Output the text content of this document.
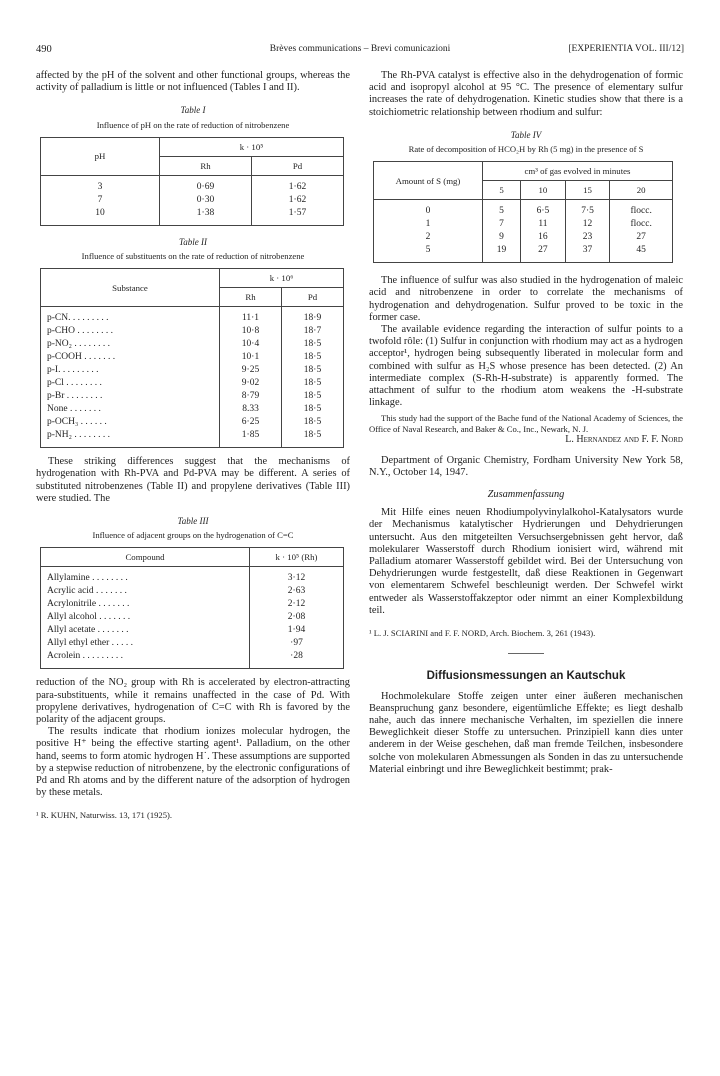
490	Brèves communications – Brevi comunicazioni	[EXPERIENTIA VOL. III/12]

affected by the pH of the solvent and other functional groups, whereas the activity of palladium is little or not influenced (Tables I and II).

Table I
Influence of pH on the rate of reduction of nitrobenzene
pH	k · 10⁵	
	Rh	Pd
3	0·69	1·62
7	0·30	1·62
10	1·38	1·57
Table II
Influence of substituents on the rate of reduction of nitrobenzene
Substance	k · 10⁶	
	Rh	Pd
p-CN. . . . . . . . .	11·1	18·9
p-CHO . . . . . . . .	10·8	18·7
p-NO₂ . . . . . . . .	10·4	18·5
p-COOH . . . . . . .	10·1	18·5
p-I. . . . . . . . .	9·25	18·5
p-Cl . . . . . . . .	9·02	18·5
p-Br . . . . . . . .	8·79	18·5
None . . . . . . .	8.33	18·5
p-OCH₃ . . . . . .	6·25	18·5
p-NH₂ . . . . . . . .	1·85	18·5

These striking differences suggest that the mechanisms of hydrogenation with Rh-PVA and Pd-PVA may be different. A series of substituted nitrobenzenes (Table II) and propylene derivatives (Table III) were studied. The

Table III
Influence of adjacent groups on the hydrogenation of C=C
Compound	k · 10⁵ (Rh)
Allylamine . . . . . . . .	3·12
Acrylic acid . . . . . . .	2·63
Acrylonitrile . . . . . . .	2·12
Allyl alcohol . . . . . . .	2·08
Allyl acetate . . . . . . .	1·94
Allyl ethyl ether . . . . .	·97
Acrolein . . . . . . . . .	·28

reduction of the NO₂ group with Rh is accelerated by electron-attracting para-substituents, while it remains unaffected in the case of Pd. With propylene derivatives, hydrogenation of C=C with Rh is favored by the polarity of the adjacent groups.

The results indicate that rhodium ionizes molecular hydrogen, the positive H⁺ being the effective starting agent¹. Palladium, on the other hand, seems to form atomic hydrogen H˙. These assumptions are supported by a stepwise reduction of nitrobenzene, by the electronic configurations of Pd and Rh atoms and by the different nature of the adsorption of hydrogen by these metals.

¹ R. KUHN, Naturwiss. 13, 171 (1925).

The Rh-PVA catalyst is effective also in the dehydrogenation of formic acid and isopropyl alcohol at 95 °C. The presence of elementary sulfur increases the rate of dehydrogenation. Kinetic studies show that there is a stoichiometric relationship between rhodium and sulfur:

Table IV
Rate of decomposition of HCO₂H by Rh (5 mg) in the presence of S
Amount of S (mg)	cm³ of gas evolved in minutes			
	5	10	15	20
0	5	6·5	7·5	flocc.
1	7	11	12	flocc.
2	9	16	23	27
5	19	27	37	45

The influence of sulfur was also studied in the hydrogenation of maleic acid and nitrobenzene in order to correlate the mechanisms of hydrogenation and dehydrogenation. Sulfur proved to be toxic in the former case.

The available evidence regarding the interaction of sulfur points to a twofold rôle: (1) Sulfur in conjunction with rhodium may act as a hydrogen acceptor¹, hydrogen being subsequently liberated in molecular form and combined with sulfur as H₂S whose presence has been detected. (2) An intermediate complex (S-Rh-H-substrate) is apparently formed. The attachment of sulfur to the rhodium atom weakens the -H-substrate linkage.

This study had the support of the Bache fund of the National Academy of Sciences, the Office of Naval Research, and Baker & Co., Inc., Newark, N. J.

L. Hernandez and F. F. Nord

Department of Organic Chemistry, Fordham University New York 58, N.Y., October 14, 1947.

Zusammenfassung

Mit Hilfe eines neuen Rhodiumpolyvinylalkohol-Katalysators wurde der Mechanismus katalytischer Hydrierungen und Dehydrierungen untersucht. Aus den mitgeteilten Versuchsergebnissen geht hervor, daß molekularer Wasserstoff durch Rhodium ionisiert wird, während mit Palladium atomarer Wasserstoff gebildet wird. Bei der Untersuchung von Dehydrierungen wurde festgestellt, daß diese Reaktionen in Gegenwart von elementarem Schwefel beschleunigt werden. Der Schwefel wirkt entweder als Wasserstoffakzeptor oder nimmt an einer Komplexbildung teil.

¹ L. J. SCIARINI and F. F. NORD, Arch. Biochem. 3, 261 (1943).
Diffusionsmessungen an Kautschuk

Hochmolekulare Stoffe zeigen unter einer äußeren mechanischen Beanspruchung ganz besondere, eigentümliche Effekte; es liegt deshalb nahe, auch das innere mechanische Verhalten, im speziellen die innere Beweglichkeit dieser Stoffe zu untersuchen. Prinzipiell kann dies unter anderem in der Weise geschehen, daß man fremde Teilchen, insbesondere solche von molekularen Abmessungen als Sonden in das zu untersuchende Material einbringt und ihre Beweglichkeit bestimmt; prak-
